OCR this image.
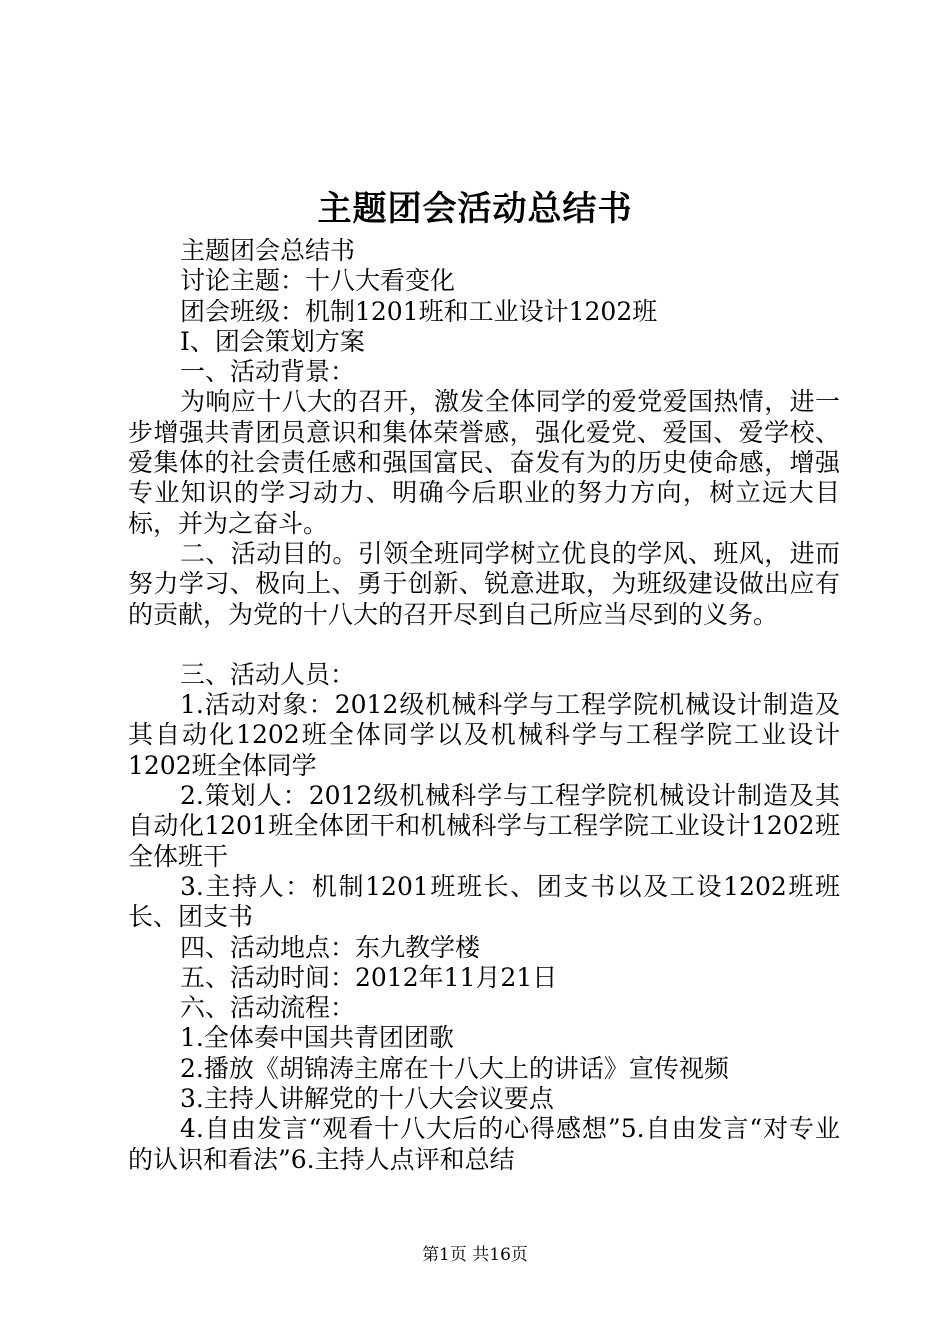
主题团会活动总结书

主题团会总结书

讨论主题：十八大看变化

团会班级：机制1201班和工业设计1202班

Ⅰ、团会策划方案

一、活动背景：

为响应十八大的召开，激发全体同学的爱党爱国热情，进一步增强共青团员意识和集体荣誉感，强化爱党、爱国、爱学校、爱集体的社会责任感和强国富民、奋发有为的历史使命感，增强专业知识的学习动力、明确今后职业的努力方向，树立远大目标，并为之奋斗。

二、活动目的。引领全班同学树立优良的学风、班风，进而努力学习、极向上、勇于创新、锐意进取，为班级建设做出应有的贡献，为党的十八大的召开尽到自己所应当尽到的义务。

三、活动人员：

1.活动对象：2012级机械科学与工程学院机械设计制造及其自动化1202班全体同学以及机械科学与工程学院工业设计1202班全体同学

2.策划人：2012级机械科学与工程学院机械设计制造及其自动化1201班全体团干和机械科学与工程学院工业设计1202班全体班干

3.主持人：机制1201班班长、团支书以及工设1202班班长、团支书

四、活动地点：东九教学楼

五、活动时间：2012年11月21日

六、活动流程：

1.全体奏中国共青团团歌

2.播放《胡锦涛主席在十八大上的讲话》宣传视频

3.主持人讲解党的十八大会议要点

4.自由发言“观看十八大后的心得感想”5.自由发言“对专业的认识和看法”6.主持人点评和总结

第1页 共16页
